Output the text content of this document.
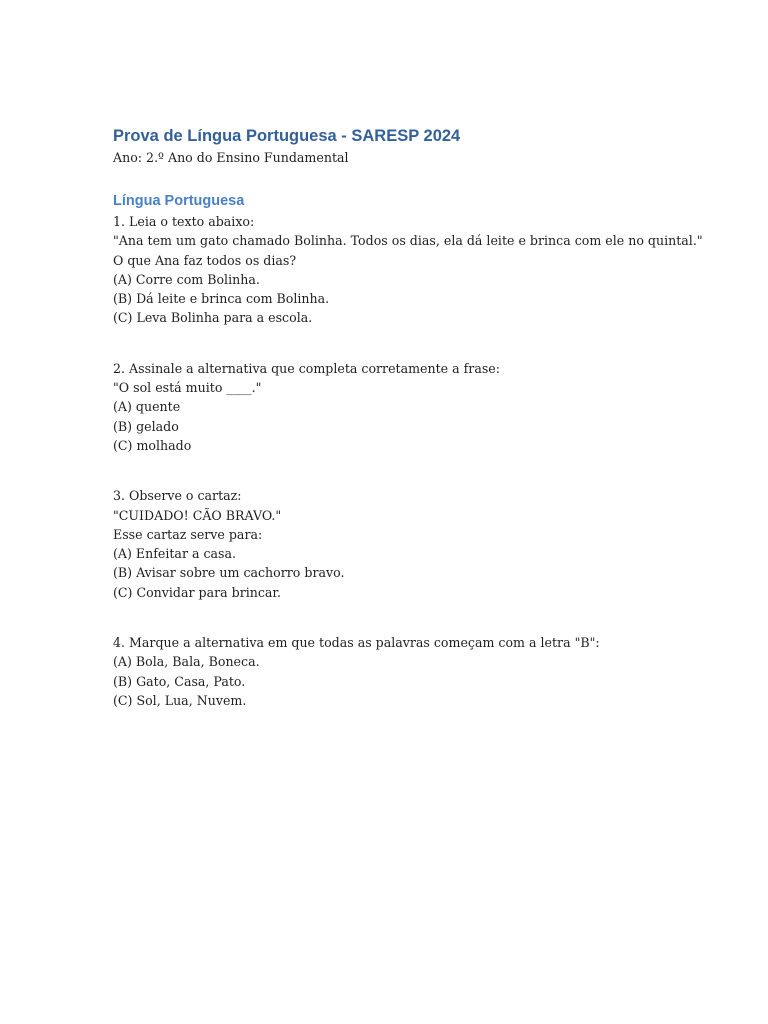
Prova de Língua Portuguesa - SARESP 2024

Ano: 2.º Ano do Ensino Fundamental

Língua Portuguesa

1. Leia o texto abaixo:

"Ana tem um gato chamado Bolinha. Todos os dias, ela dá leite e brinca com ele no quintal."

O que Ana faz todos os dias?

(A) Corre com Bolinha.

(B) Dá leite e brinca com Bolinha.

(C) Leva Bolinha para a escola.

2. Assinale a alternativa que completa corretamente a frase:

"O sol está muito ____."

(A) quente

(B) gelado

(C) molhado

3. Observe o cartaz:

"CUIDADO! CÃO BRAVO."

Esse cartaz serve para:

(A) Enfeitar a casa.

(B) Avisar sobre um cachorro bravo.

(C) Convidar para brincar.

4. Marque a alternativa em que todas as palavras começam com a letra "B":

(A) Bola, Bala, Boneca.

(B) Gato, Casa, Pato.

(C) Sol, Lua, Nuvem.
